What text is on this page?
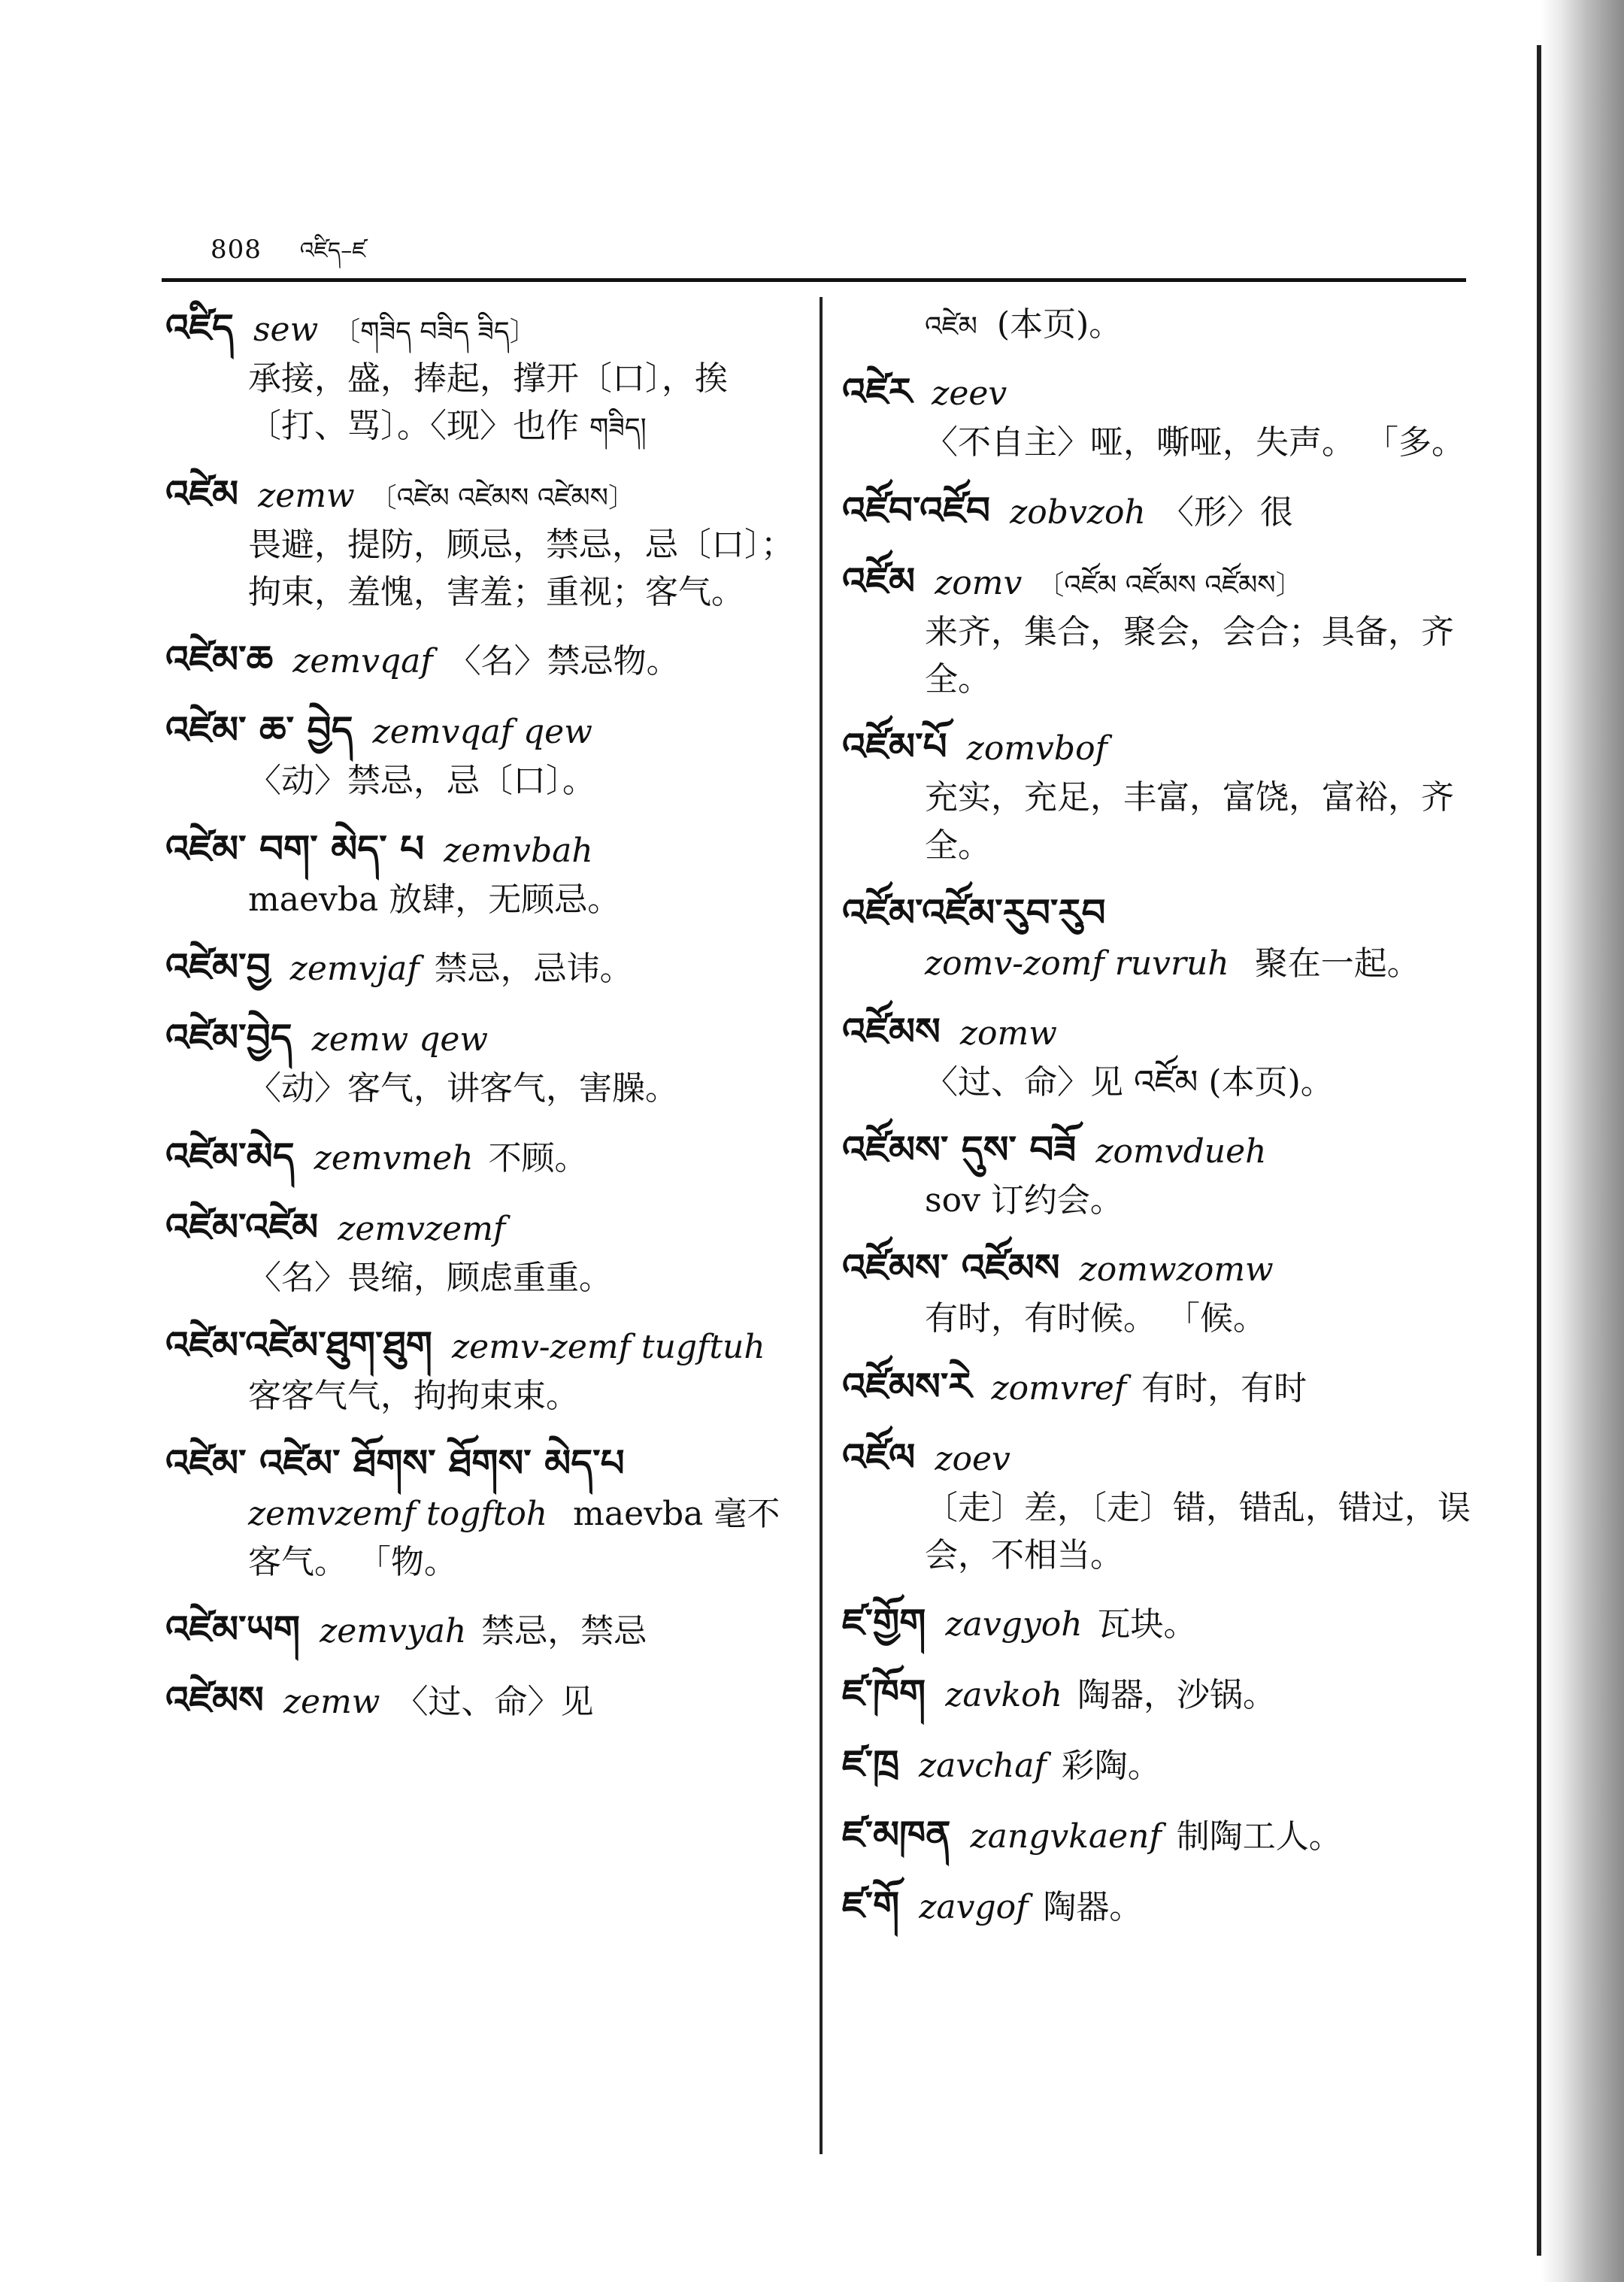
808 འཛིད–ཛ
འཛིད sew 〔གཟིད བཟིད ཟིད〕
承接，盛，捧起，撑开〔口〕，挨〔打、骂〕。〈现〉也作 གཟིད།
འཛེམ zemw 〔འཛེམ འཛེམས འཛེམས〕
畏避，提防，顾忌，禁忌，忌〔口〕；拘束，羞愧，害羞；重视；客气。
འཛེམ་ཆ zemvqaf 〈名〉禁忌物。
འཛེམ་ ཆ་ བྱེད zemvqaf qew
〈动〉禁忌，忌〔口〕。
འཛེམ་ བག་ མེད་ པ zemvbah
maevba 放肆，无顾忌。
འཛེམ་བྱ zemvjaf 禁忌，忌讳。
འཛེམ་བྱེད zemw qew
〈动〉客气，讲客气，害臊。
འཛེམ་མེད zemvmeh 不顾。
འཛེམ་འཛེམ zemvzemf
〈名〉畏缩，顾虑重重。
འཛེམ་འཛེམ་ཐུག་ཐུག zemv-zemf tugftuh
客客气气，拘拘束束。
འཛེམ་ འཛེམ་ ཐོགས་ ཐོགས་ མེད་པ
zemvzemf togftoh maevba 毫不客气。 「物。
འཛེམ་ཡག zemvyah 禁忌，禁忌
འཛེམས zemw 〈过、命〉见
འཛེམ (本页)。
འཛེར zeev
〈不自主〉哑，嘶哑，失声。 「多。
འཛོབ་འཛོབ zobvzoh 〈形〉很
འཛོམ zomv 〔འཛོམ འཛོམས འཛོམས〕
来齐，集合，聚会，会合；具备，齐全。
འཛོམ་པོ zomvbof
充实，充足，丰富，富饶，富裕，齐全。
འཛོམ་འཛོམ་རུབ་རུབ
zomv-zomf ruvruh 聚在一起。
འཛོམས zomw
〈过、命〉见 འཛོམ (本页)。
འཛོམས་ དུས་ བཟོ zomvdueh
sov 订约会。
འཛོམས་ འཛོམས zomwzomw
有时，有时候。 「候。
འཛོམས་རེ zomvref 有时，有时
འཛོལ zoev
〔走〕差，〔走〕错，错乱，错过，误会，不相当。
ཛ་གྱོག zavgyoh 瓦块。
ཛ་ཁོག zavkoh 陶器，沙锅。
ཛ་ཁྲ zavchaf 彩陶。
ཛ་མཁན zangvkaenf 制陶工人。
ཛ་གོ zavgof 陶器。
